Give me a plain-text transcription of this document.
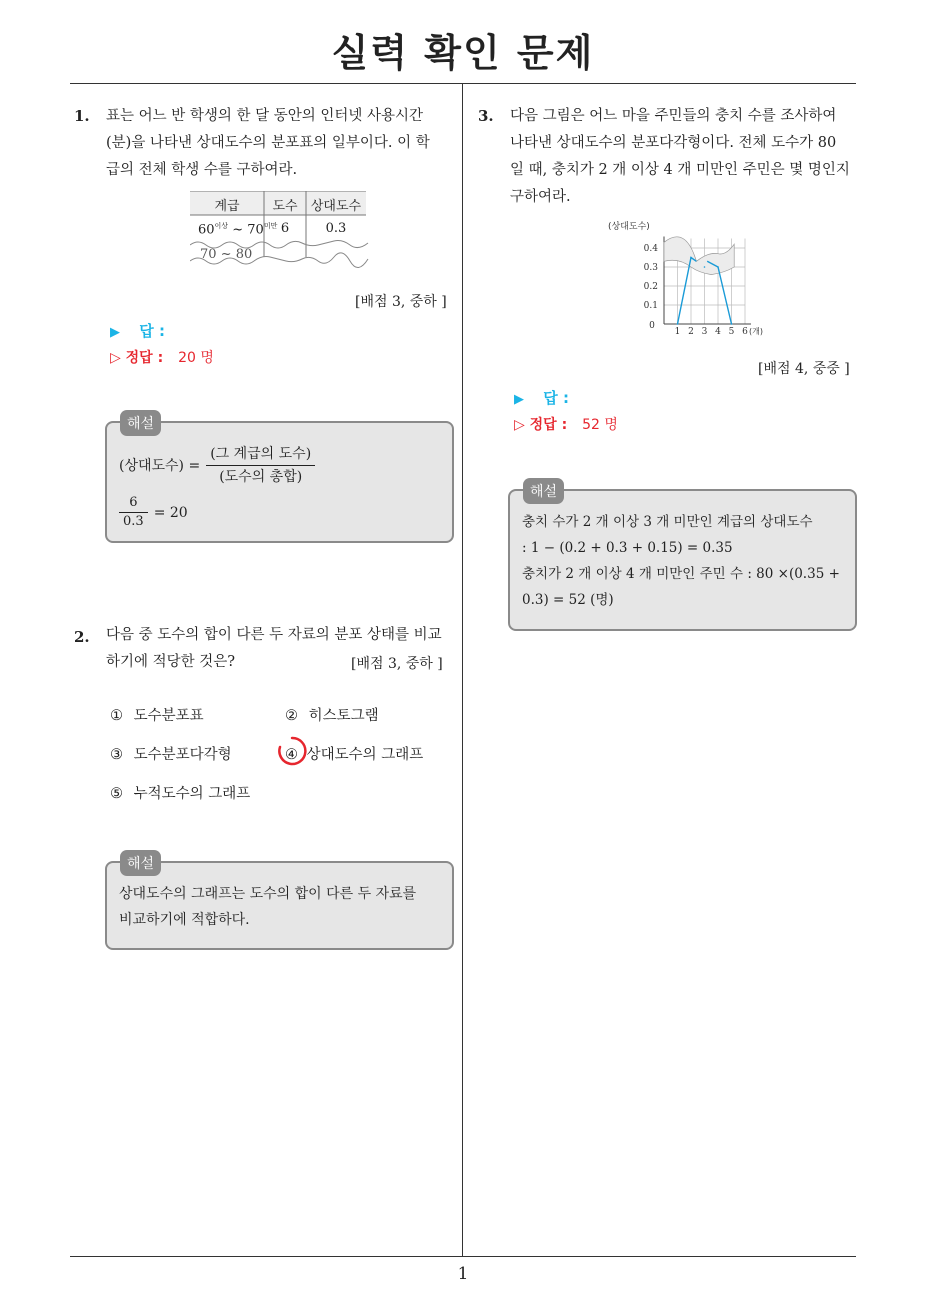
실력 확인 문제
1. 표는 어느 반 학생의 한 달 동안의 인터넷 사용시간
(분)을 나타낸 상대도수의 분포표의 일부이다. 이 학
급의 전체 학생 수를 구하여라.
계급	도수	상대도수
$60^{이상}$ ~ $70^{미만}$ 6	0.3
70 ~ 80
[배점 3, 중하 ]
▶ 답 :
▷ 정답 : 20 명
(상대도수) = $\frac{\text{(그 계급의 도수)}}{\text{(도수의 총합)}}$
$\frac{6}{0.3} = 20$
해설
2. 다음 중 도수의 합이 다른 두 자료의 분포 상태를 비교
하기에 적당한 것은?	[배점 3, 중하 ]
① 도수분포표	② 히스토그램
③ 도수분포다각형	④ 상대도수의 그래프
⑤ 누적도수의 그래프
상대도수의 그래프는 도수의 합이 다른 두 자료를
비교하기에 적합하다.
해설
3. 다음 그림은 어느 마을 주민들의 충치 수를 조사하여
나타낸 상대도수의 분포다각형이다. 전체 도수가 80
일 때, 충치가 2 개 이상 4 개 미만인 주민은 몇 명인지
구하여라.
0.1
0.2
0.3
0.4
1 2 3 4 5 6
0
(상대도수)
(개)
[배점 4, 중중 ]
▶ 답 :
▷ 정답 : 52 명
충치 수가 2 개 이상 3 개 미만인 계급의 상대도수
: 1 − (0.2 + 0.3 + 0.15) = 0.35
충치가 2 개 이상 4 개 미만인 주민 수 : 80 ×(0.35 +
0.3) = 52 (명)
해설
1
